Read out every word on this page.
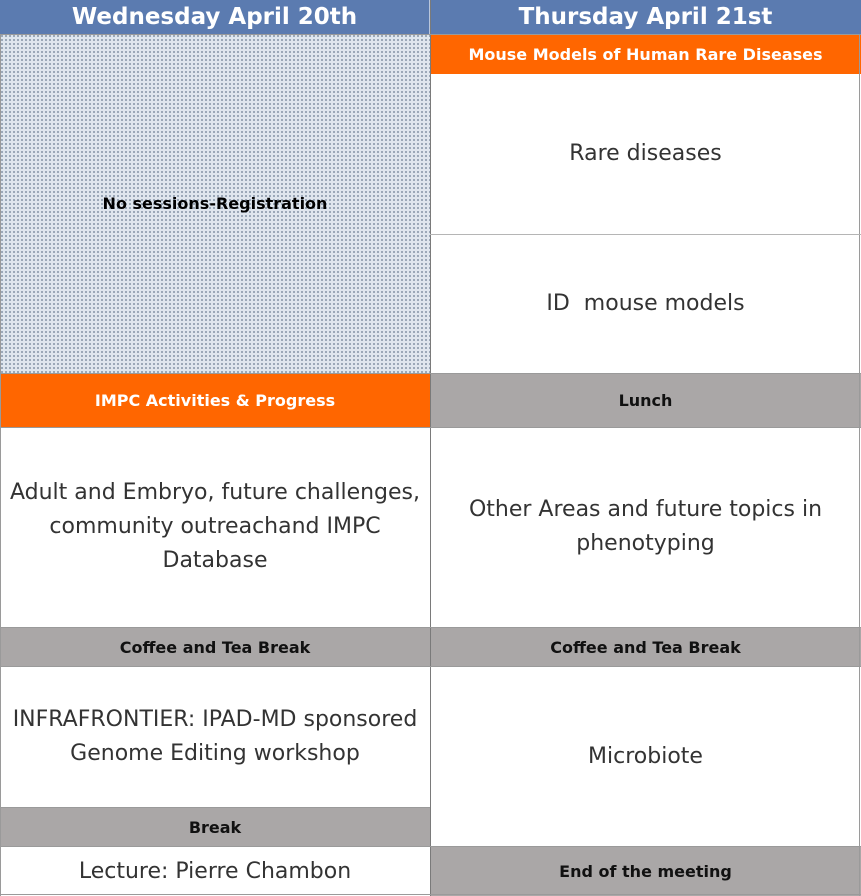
Wednesday April 20th	Thursday April 21st
No sessions-Registration
IMPC Activities & Progress
Adult and Embryo, future challenges, community outreachand IMPC Database
Coffee and Tea Break
INFRAFRONTIER: IPAD-MD sponsored Genome Editing workshop
Break
Lecture: Pierre Chambon
Mouse Models of Human Rare Diseases
Rare diseases
ID  mouse models
Lunch
Other Areas and future topics in phenotyping
Coffee and Tea Break
Microbiote
End of the meeting
